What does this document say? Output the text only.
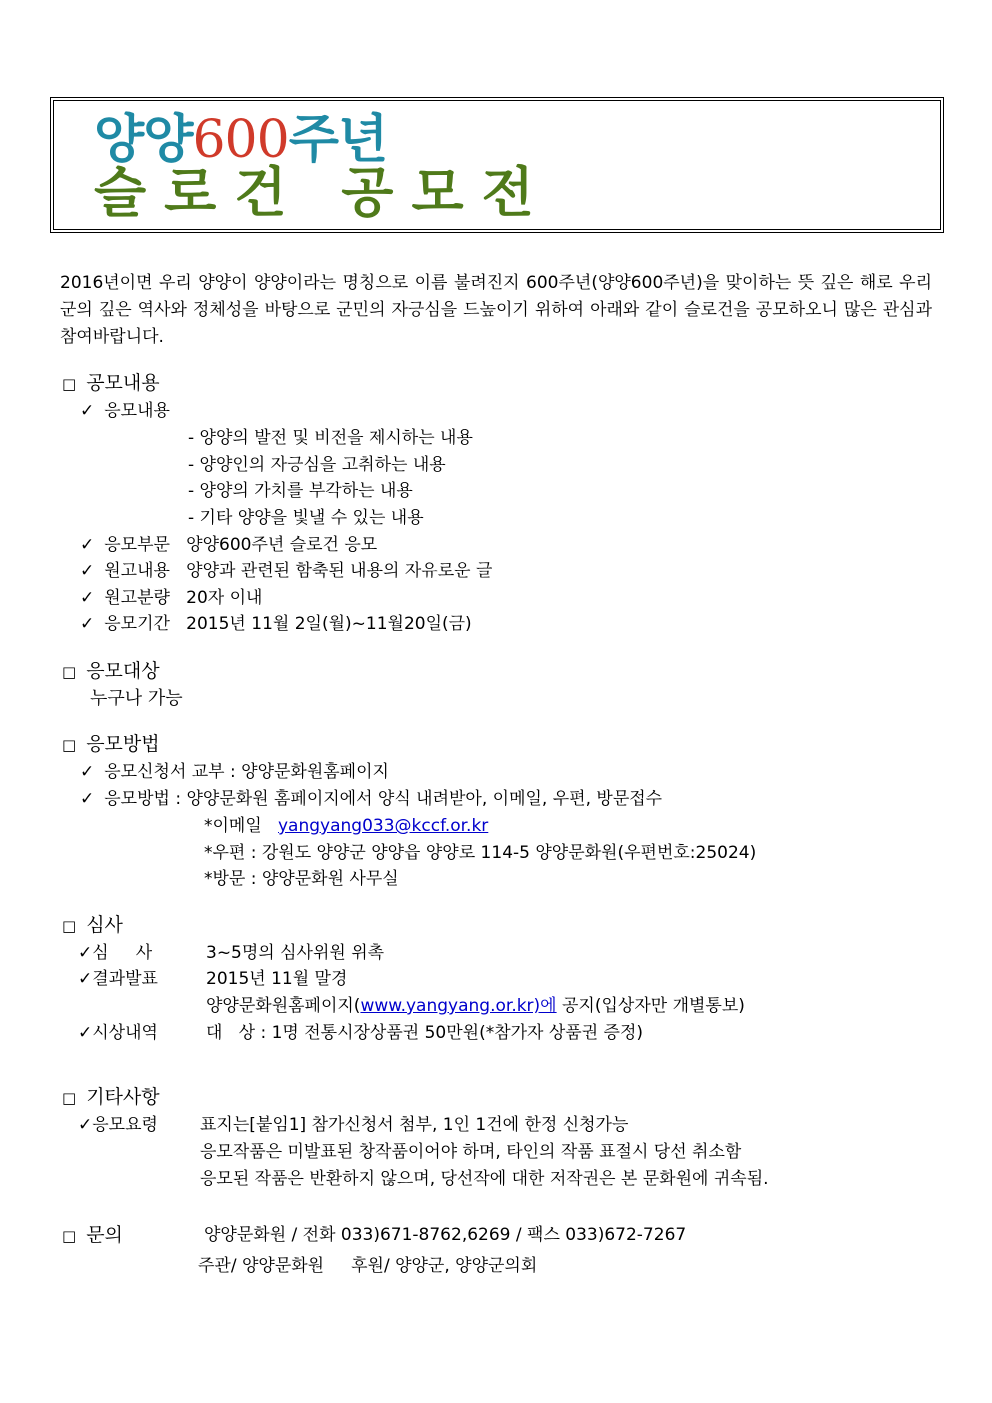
양양600주년
슬로건 공모전
2016년이면 우리 양양이 양양이라는 명칭으로 이름 불려진지 600주년(양양600주년)을 맞이하는 뜻 깊은 해로 우리군의 깊은 역사와 정체성을 바탕으로 군민의 자긍심을 드높이기 위하여 아래와 같이 슬로건을 공모하오니 많은 관심과 참여바랍니다.
□ 공모내용
✓ 응모내용
- 양양의 발전 및 비전을 제시하는 내용
- 양양인의 자긍심을 고취하는 내용
- 양양의 가치를 부각하는 내용
- 기타 양양을 빛낼 수 있는 내용
✓ 응모부문 양양600주년 슬로건 응모
✓ 원고내용 양양과 관련된 함축된 내용의 자유로운 글
✓ 원고분량 20자 이내
✓ 응모기간 2015년 11월 2일(월)~11월20일(금)
□ 응모대상
누구나 가능
□ 응모방법
✓ 응모신청서 교부 : 양양문화원홈페이지
✓ 응모방법 : 양양문화원 홈페이지에서 양식 내려받아, 이메일, 우편, 방문접수
*이메일 yangyang033@kccf.or.kr
*우편 : 강원도 양양군 양양읍 양양로 114-5 양양문화원(우편번호:25024)
*방문 : 양양문화원 사무실
□ 심사
✓심     사	3~5명의 심사위원 위촉
✓결과발표	2015년 11월 말경
양양문화원홈페이지(www.yangyang.or.kr)에 공지(입상자만 개별통보)
✓시상내역	대   상 : 1명 전통시장상품권 50만원(*참가자 상품권 증정)
□ 기타사항
✓응모요령 표지는[붙임1] 참가신청서 첨부, 1인 1건에 한정 신청가능
응모작품은 미발표된 창작품이어야 하며, 타인의 작품 표절시 당선 취소함
응모된 작품은 반환하지 않으며, 당선작에 대한 저작권은 본 문화원에 귀속됨.
□ 문의	양양문화원 / 전화 033)671-8762,6269 / 팩스 033)672-7267
주관/ 양양문화원     후원/ 양양군, 양양군의회
